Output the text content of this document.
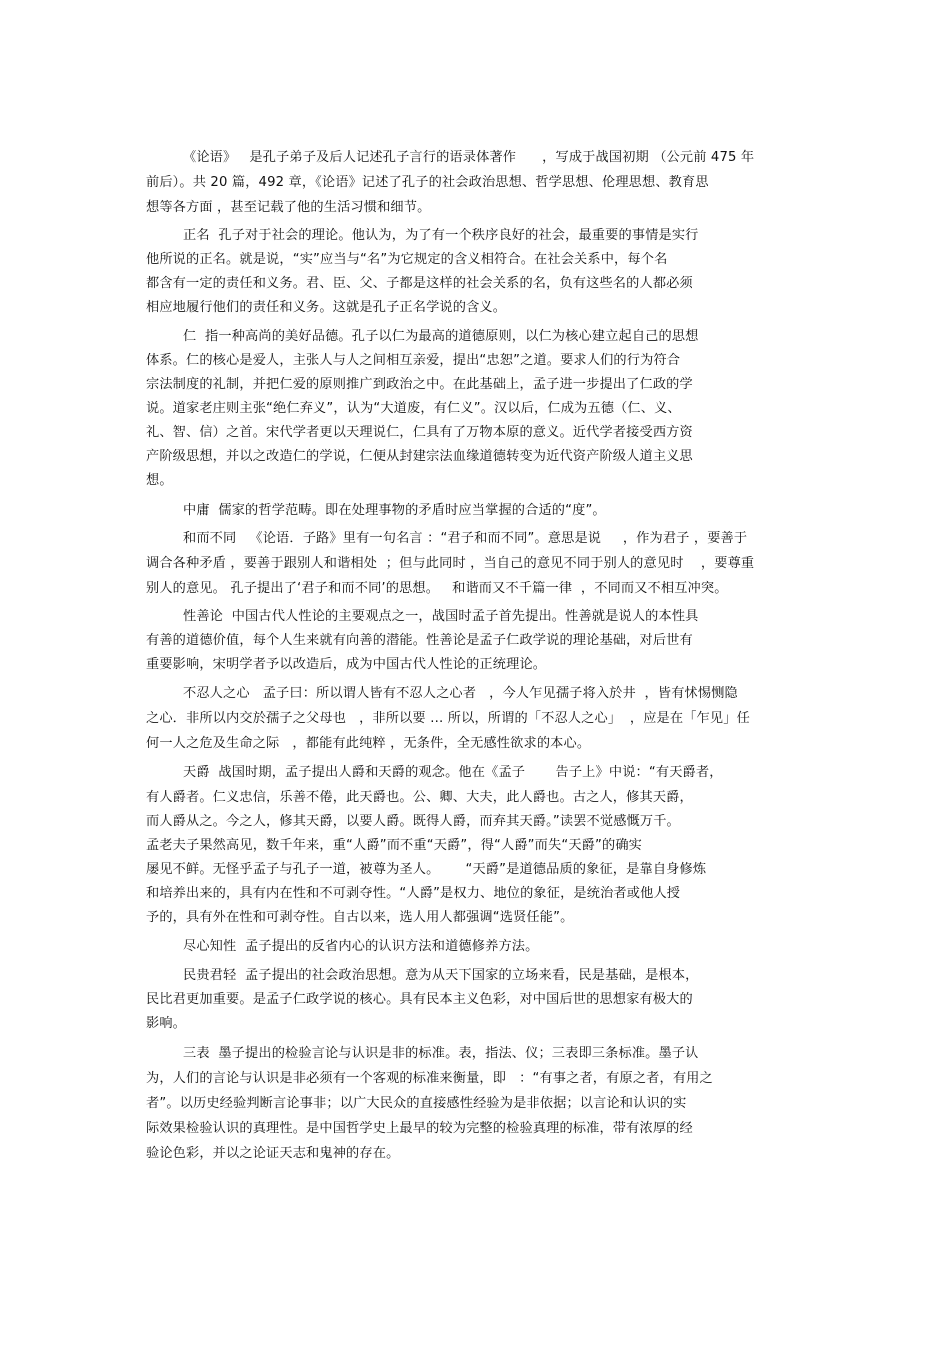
《论语》   是孔子弟子及后人记述孔子言行的语录体著作      ，写成于战国初期 （公元前 475 年
前后）。共 20 篇，492 章，《论语》记述了孔子的社会政治思想、哲学思想、伦理思想、教育思
想等各方面 ，甚至记载了他的生活习惯和细节。
正名  孔子对于社会的理论。他认为，为了有一个秩序良好的社会，最重要的事情是实行
他所说的正名。就是说，“实”应当与“名”为它规定的含义相符合。在社会关系中，每个名
都含有一定的责任和义务。君、臣、父、子都是这样的社会关系的名，负有这些名的人都必须
相应地履行他们的责任和义务。这就是孔子正名学说的含义。
仁  指一种高尚的美好品德。孔子以仁为最高的道德原则，以仁为核心建立起自己的思想
体系。仁的核心是爱人，主张人与人之间相互亲爱，提出“忠恕”之道。要求人们的行为符合
宗法制度的礼制，并把仁爱的原则推广到政治之中。在此基础上，孟子进一步提出了仁政的学
说。道家老庄则主张“绝仁弃义”，认为“大道废，有仁义”。汉以后，仁成为五德（仁、义、
礼、智、信）之首。宋代学者更以天理说仁，仁具有了万物本原的意义。近代学者接受西方资
产阶级思想，并以之改造仁的学说，仁便从封建宗法血缘道德转变为近代资产阶级人道主义思
想。
中庸  儒家的哲学范畴。即在处理事物的矛盾时应当掌握的合适的“度”。
和而不同   《论语．子路》里有一句名言 ：“君子和而不同”。意思是说     ，作为君子 ，要善于
调合各种矛盾 ，要善于跟别人和谐相处  ；但与此同时 ，当自己的意见不同于别人的意见时    ，要尊重
别人的意见。 孔子提出了‘君子和而不同’的思想。   和谐而又不千篇一律  ，不同而又不相互冲突。
性善论  中国古代人性论的主要观点之一，战国时孟子首先提出。性善就是说人的本性具
有善的道德价值，每个人生来就有向善的潜能。性善论是孟子仁政学说的理论基础，对后世有
重要影响，宋明学者予以改造后，成为中国古代人性论的正统理论。
不忍人之心   孟子曰：所以谓人皆有不忍人之心者   ，今人乍见孺子将入於井  ，皆有怵惕恻隐
之心．非所以内交於孺子之父母也   ，非所以要 … 所以，所谓的「不忍人之心」  ，应是在「乍见」任
何一人之危及生命之际   ，都能有此纯粹 ，无条件，全无感性欲求的本心。
天爵  战国时期，孟子提出人爵和天爵的观念。他在《孟子       告子上》中说：“有天爵者，
有人爵者。仁义忠信，乐善不倦，此天爵也。公、卿、大夫，此人爵也。古之人，修其天爵，
而人爵从之。今之人，修其天爵，以要人爵。既得人爵，而弃其天爵。”读罢不觉感慨万千。
孟老夫子果然高见，数千年来，重“人爵”而不重“天爵”，得“人爵”而失“天爵”的确实
屡见不鲜。无怪乎孟子与孔子一道，被尊为圣人。      “天爵”是道德品质的象征，是靠自身修炼
和培养出来的，具有内在性和不可剥夺性。“人爵”是权力、地位的象征，是统治者或他人授
予的，具有外在性和可剥夺性。自古以来，选人用人都强调“选贤任能”。
尽心知性  孟子提出的反省内心的认识方法和道德修养方法。
民贵君轻  孟子提出的社会政治思想。意为从天下国家的立场来看，民是基础，是根本，
民比君更加重要。是孟子仁政学说的核心。具有民本主义色彩，对中国后世的思想家有极大的
影响。
三表  墨子提出的检验言论与认识是非的标准。表，指法、仪；三表即三条标准。墨子认
为，人们的言论与认识是非必须有一个客观的标准来衡量，即   ：“有事之者，有原之者，有用之
者”。以历史经验判断言论事非；以广大民众的直接感性经验为是非依据；以言论和认识的实
际效果检验认识的真理性。是中国哲学史上最早的较为完整的检验真理的标准，带有浓厚的经
验论色彩，并以之论证天志和鬼神的存在。
